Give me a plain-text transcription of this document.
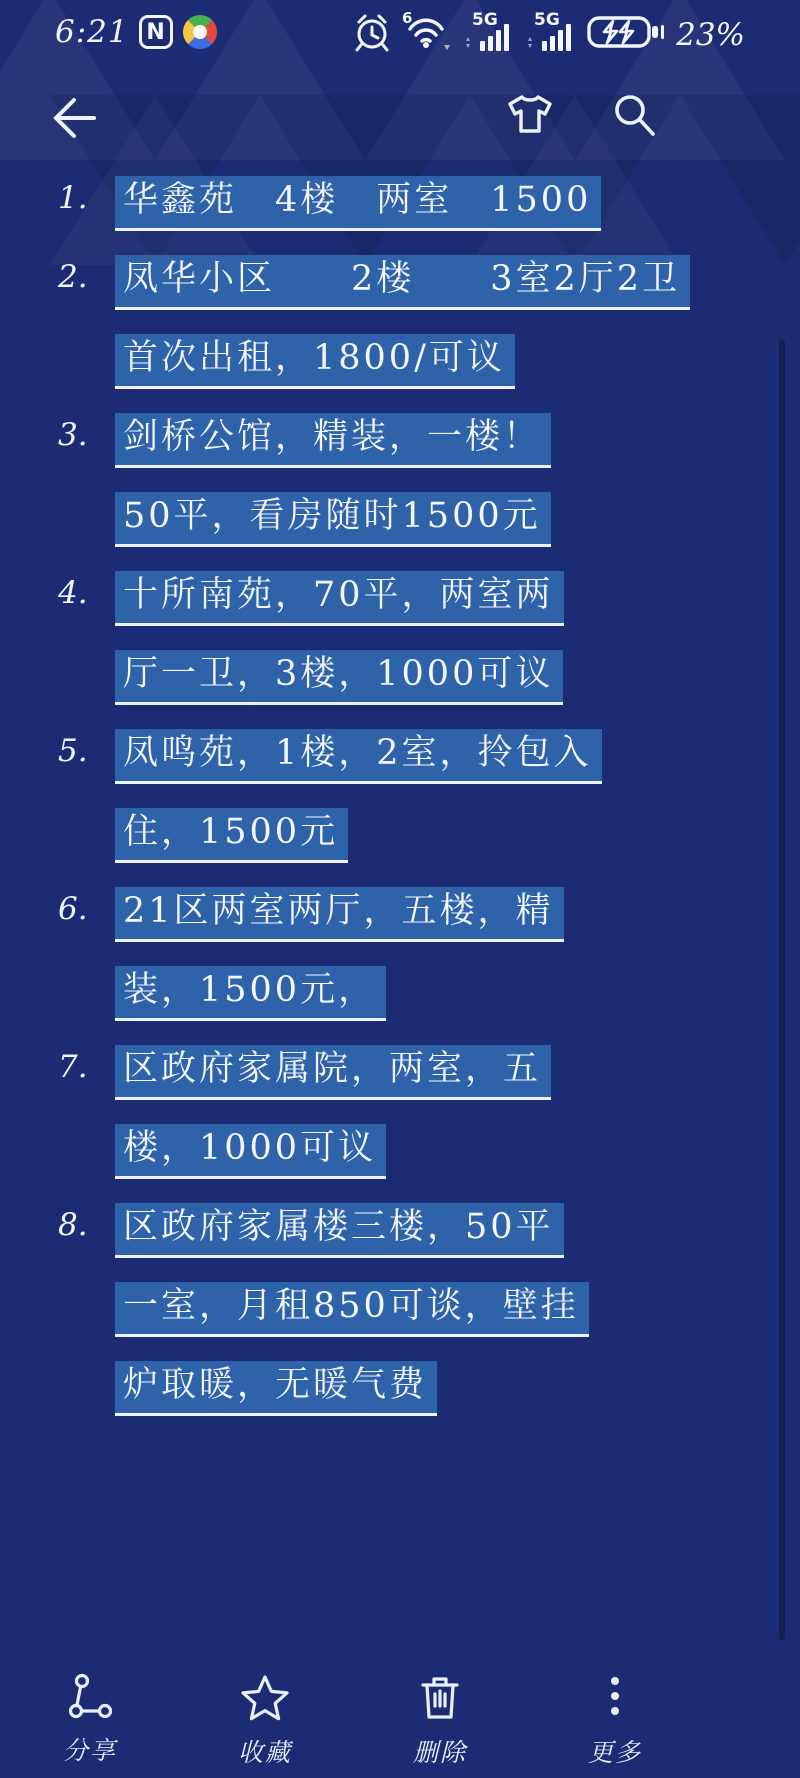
6:21 N
6	5G 5G	23%
1. 华鑫苑　4楼　两室　1500
2. 凤华小区　　2楼　　3室2厅2卫
首次出租，1800/可议
3. 剑桥公馆，精装，一楼！
50平，看房随时1500元
4. 十所南苑，70平，两室两
厅一卫，3楼，1000可议
5. 凤鸣苑，1楼，2室，拎包入
住，1500元
6. 21区两室两厅，五楼，精
装，1500元，
7. 区政府家属院，两室，五
楼，1000可议
8. 区政府家属楼三楼，50平
一室，月租850可谈，壁挂
炉取暖，无暖气费
分享	收藏	删除	更多
